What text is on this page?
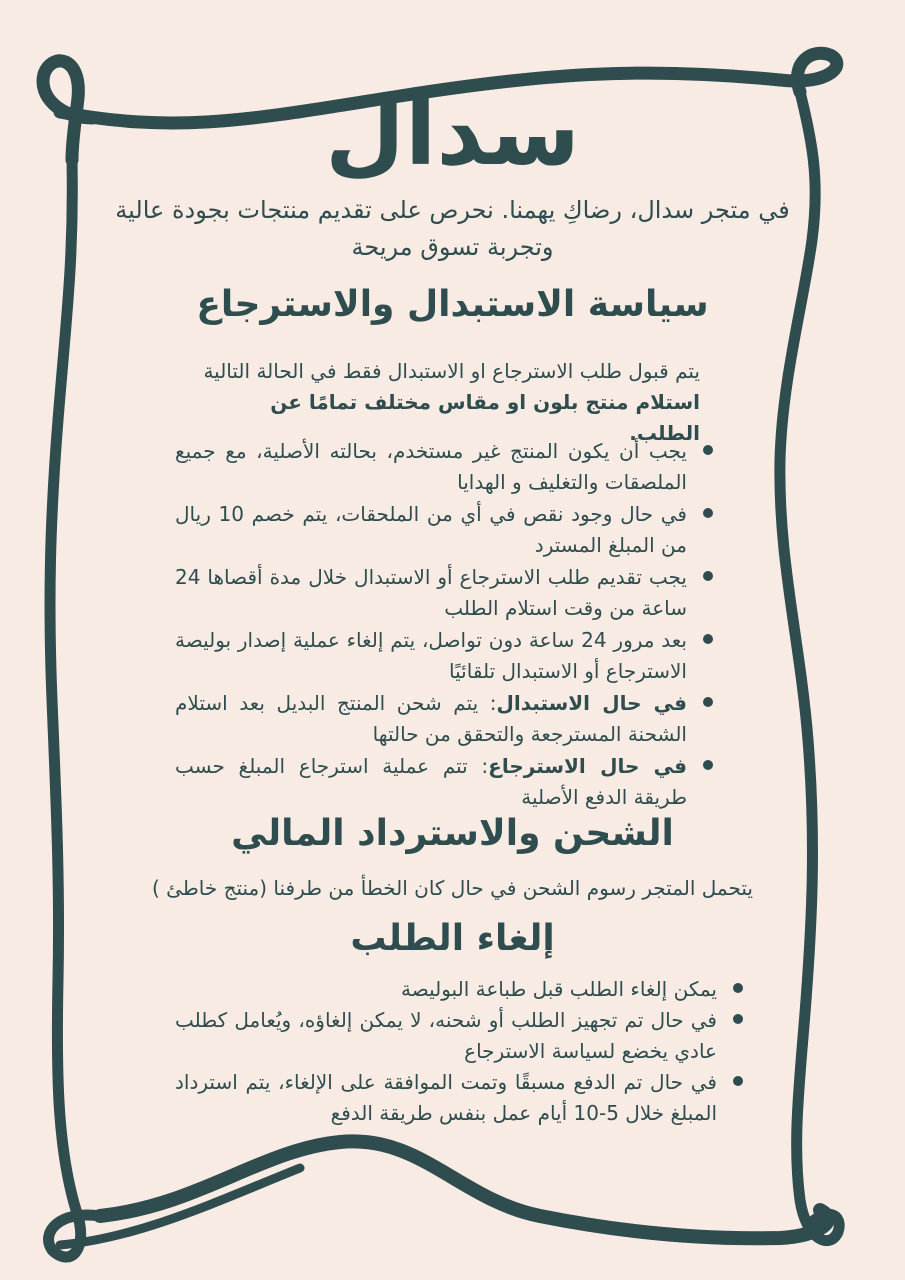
سدال
في متجر سدال، رضاكِ يهمنا. نحرص على تقديم منتجات بجودة عالية
وتجربة تسوق مريحة
سياسة الاستبدال والاسترجاع
يتم قبول طلب الاسترجاع او الاستبدال فقط في الحالة التالية
استلام منتج بلون او مقاس مختلف تمامًا عن الطلب.
يجب أن يكون المنتج غير مستخدم، بحالته الأصلية، مع جميع الملصقات والتغليف و الهدايا
في حال وجود نقص في أي من الملحقات، يتم خصم 10 ريال من المبلغ المسترد
يجب تقديم طلب الاسترجاع أو الاستبدال خلال مدة أقصاها 24 ساعة من وقت استلام الطلب
بعد مرور 24 ساعة دون تواصل، يتم إلغاء عملية إصدار بوليصة الاسترجاع أو الاستبدال تلقائيًا
في حال الاستبدال: يتم شحن المنتج البديل بعد استلام الشحنة المسترجعة والتحقق من حالتها
في حال الاسترجاع: تتم عملية استرجاع المبلغ حسب طريقة الدفع الأصلية
الشحن والاسترداد المالي
يتحمل المتجر رسوم الشحن في حال كان الخطأ من طرفنا (منتج خاطئ )
إلغاء الطلب
يمكن إلغاء الطلب قبل طباعة البوليصة
في حال تم تجهيز الطلب أو شحنه، لا يمكن إلغاؤه، ويُعامل كطلب عادي يخضع لسياسة الاسترجاع
في حال تم الدفع مسبقًا وتمت الموافقة على الإلغاء، يتم استرداد المبلغ خلال 5-10 أيام عمل بنفس طريقة الدفع
